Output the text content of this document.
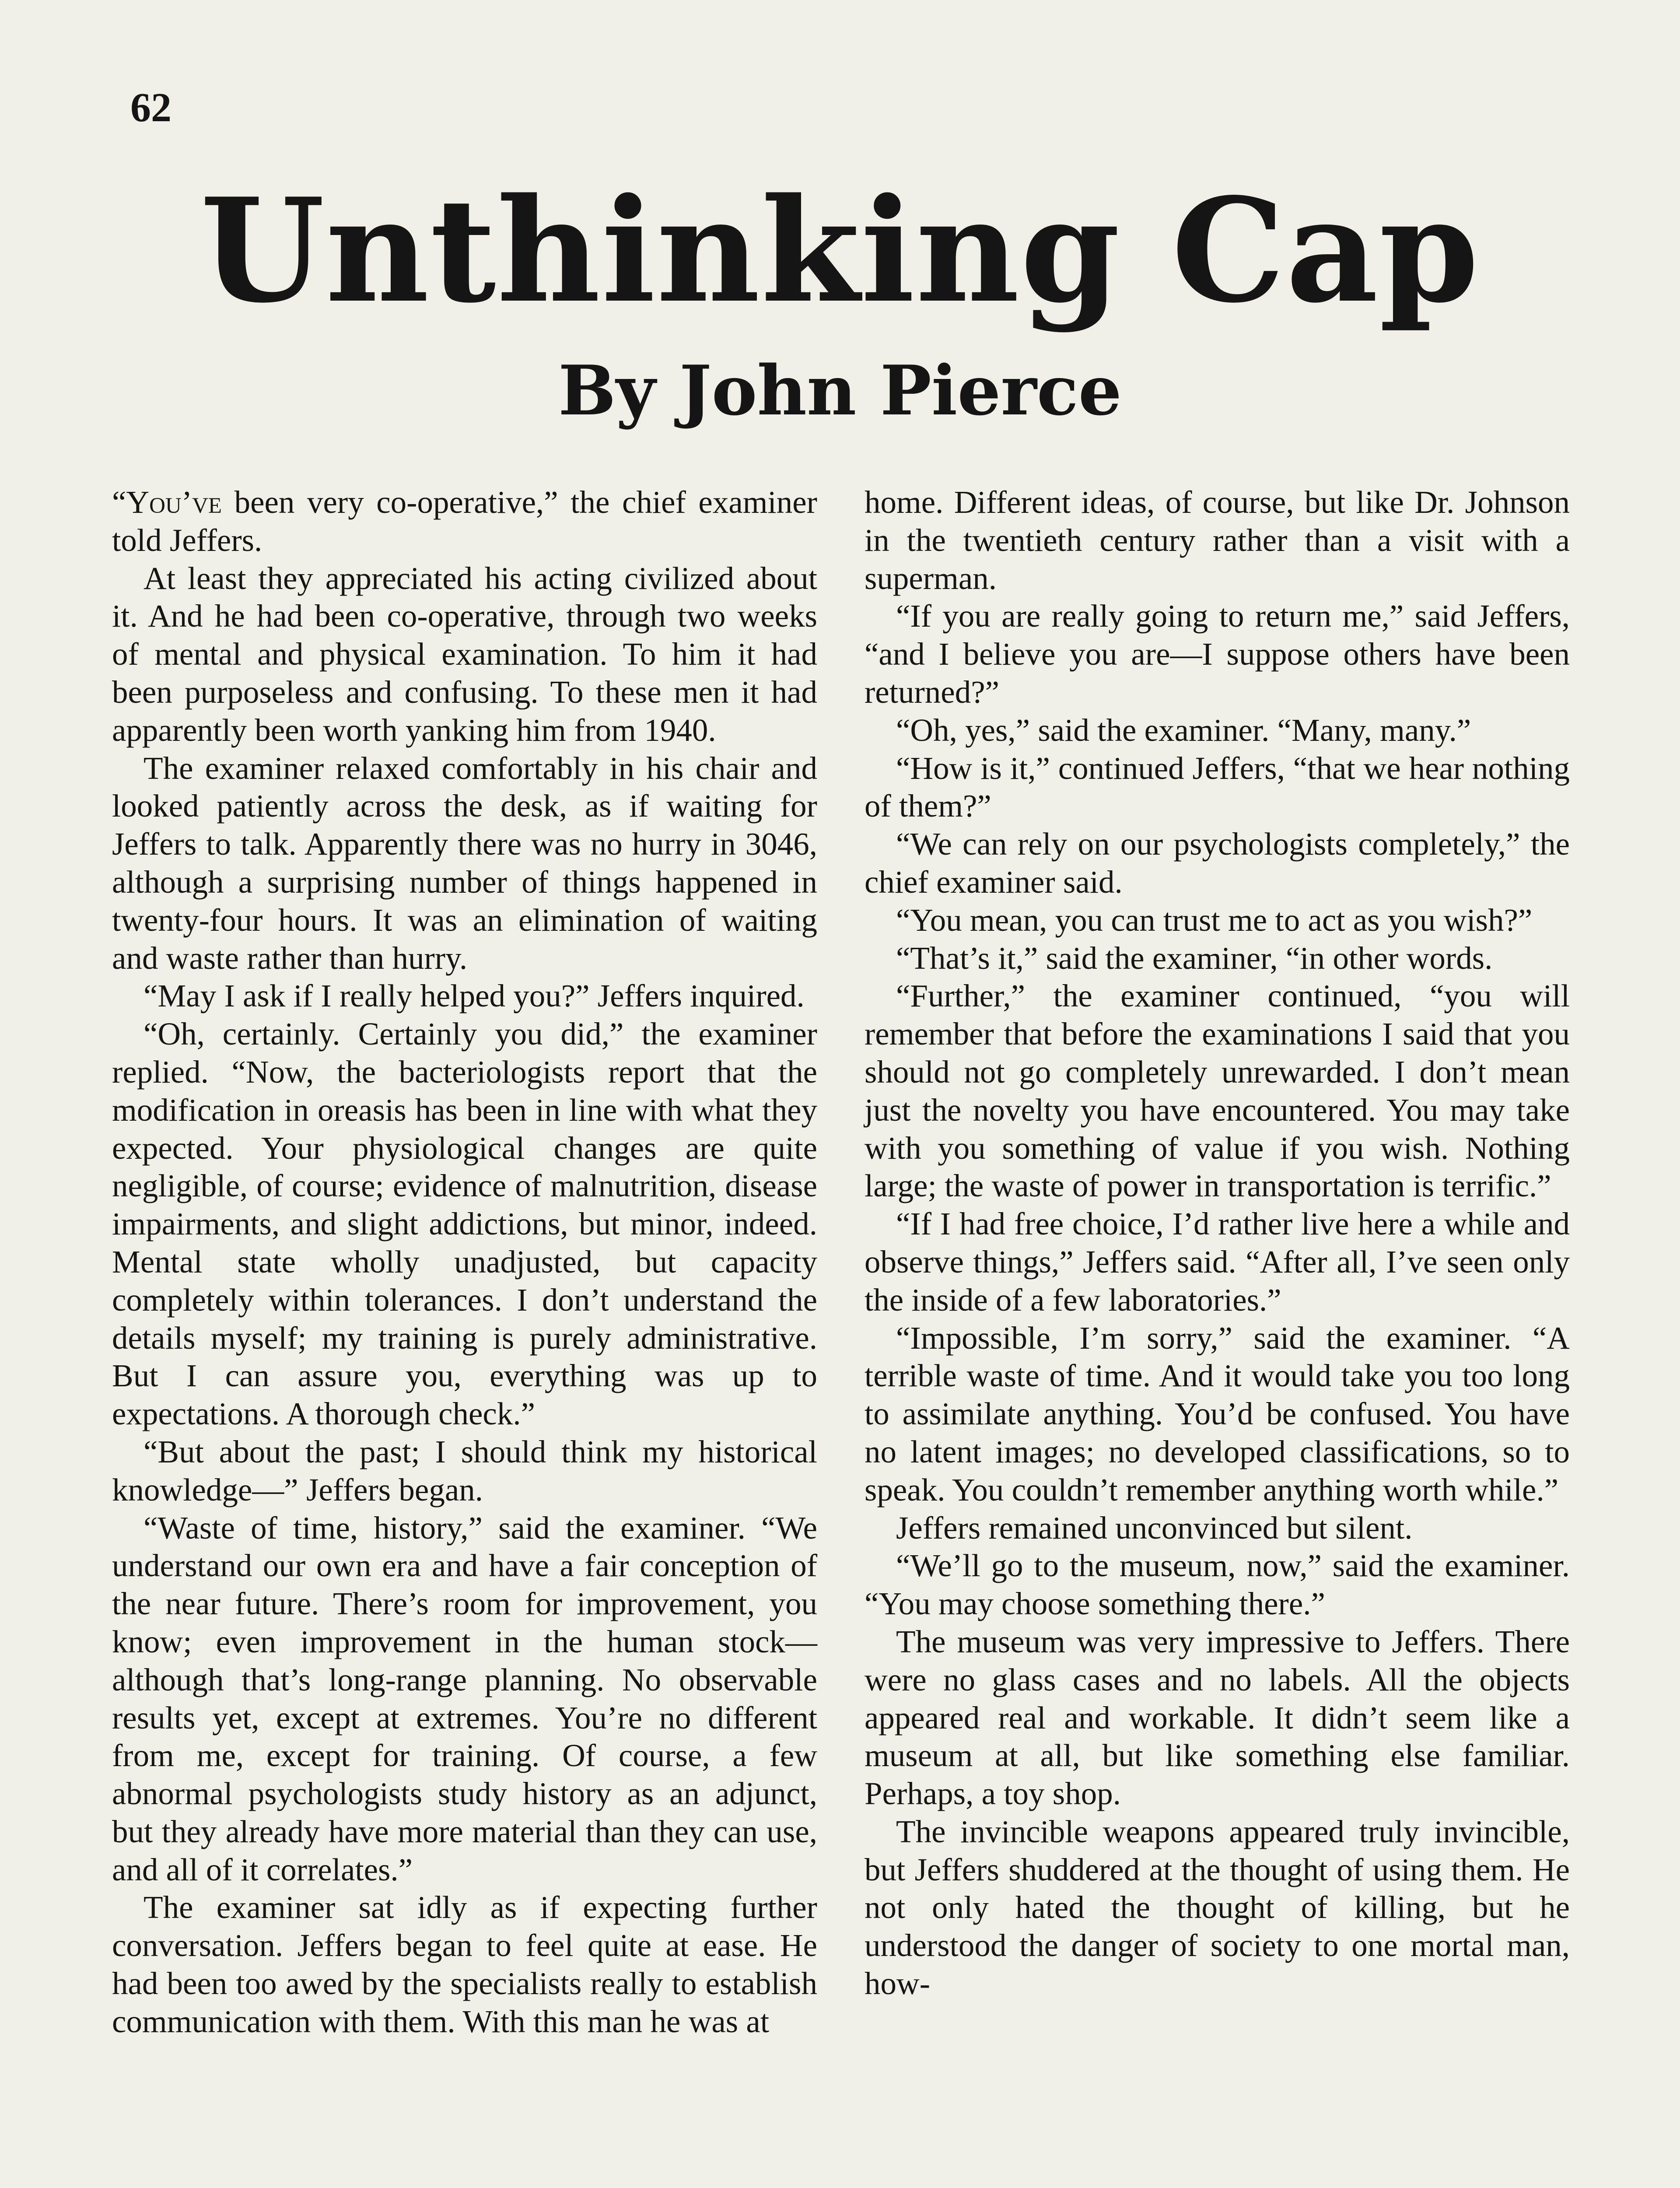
62
Unthinking Cap
By John Pierce

“You’ve been very co-operative,” the chief examiner told Jeffers.

At least they appreciated his acting civilized about it. And he had been co-operative, through two weeks of mental and physical examination. To him it had been purposeless and confusing. To these men it had apparently been worth yanking him from 1940.

The examiner relaxed comfortably in his chair and looked patiently across the desk, as if waiting for Jeffers to talk. Apparently there was no hurry in 3046, although a surprising number of things happened in twenty-four hours. It was an elimination of waiting and waste rather than hurry.

“May I ask if I really helped you?” Jeffers inquired.

“Oh, certainly. Certainly you did,” the examiner replied. “Now, the bacteriologists report that the modification in oreasis has been in line with what they expected. Your physiological changes are quite negligible, of course; evidence of malnutrition, disease impairments, and slight addictions, but minor, indeed. Mental state wholly unadjusted, but capacity completely within tolerances. I don’t understand the details myself; my training is purely administrative. But I can assure you, everything was up to expectations. A thorough check.”

“But about the past; I should think my historical knowledge—” Jeffers began.

“Waste of time, history,” said the examiner. “We understand our own era and have a fair conception of the near future. There’s room for improvement, you know; even improvement in the human stock—although that’s long-range planning. No observable results yet, except at extremes. You’re no different from me, except for training. Of course, a few abnormal psychologists study history as an adjunct, but they already have more material than they can use, and all of it correlates.”

The examiner sat idly as if expecting further conversation. Jeffers began to feel quite at ease. He had been too awed by the specialists really to establish communication with them. With this man he was at

home. Different ideas, of course, but like Dr. Johnson in the twentieth century rather than a visit with a superman.

“If you are really going to return me,” said Jeffers, “and I believe you are—I suppose others have been returned?”

“Oh, yes,” said the examiner. “Many, many.”

“How is it,” continued Jeffers, “that we hear nothing of them?”

“We can rely on our psychologists completely,” the chief examiner said.

“You mean, you can trust me to act as you wish?”

“That’s it,” said the examiner, “in other words.

“Further,” the examiner continued, “you will remember that before the examinations I said that you should not go completely unrewarded. I don’t mean just the novelty you have encountered. You may take with you something of value if you wish. Nothing large; the waste of power in transportation is terrific.”

“If I had free choice, I’d rather live here a while and observe things,” Jeffers said. “After all, I’ve seen only the inside of a few laboratories.”

“Impossible, I’m sorry,” said the examiner. “A terrible waste of time. And it would take you too long to assimilate anything. You’d be confused. You have no latent images; no developed classifications, so to speak. You couldn’t remember anything worth while.”

Jeffers remained unconvinced but silent.

“We’ll go to the museum, now,” said the examiner. “You may choose something there.”

The museum was very impressive to Jeffers. There were no glass cases and no labels. All the objects appeared real and workable. It didn’t seem like a museum at all, but like something else familiar. Perhaps, a toy shop.

The invincible weapons appeared truly invincible, but Jeffers shuddered at the thought of using them. He not only hated the thought of killing, but he understood the danger of society to one mortal man, how-
